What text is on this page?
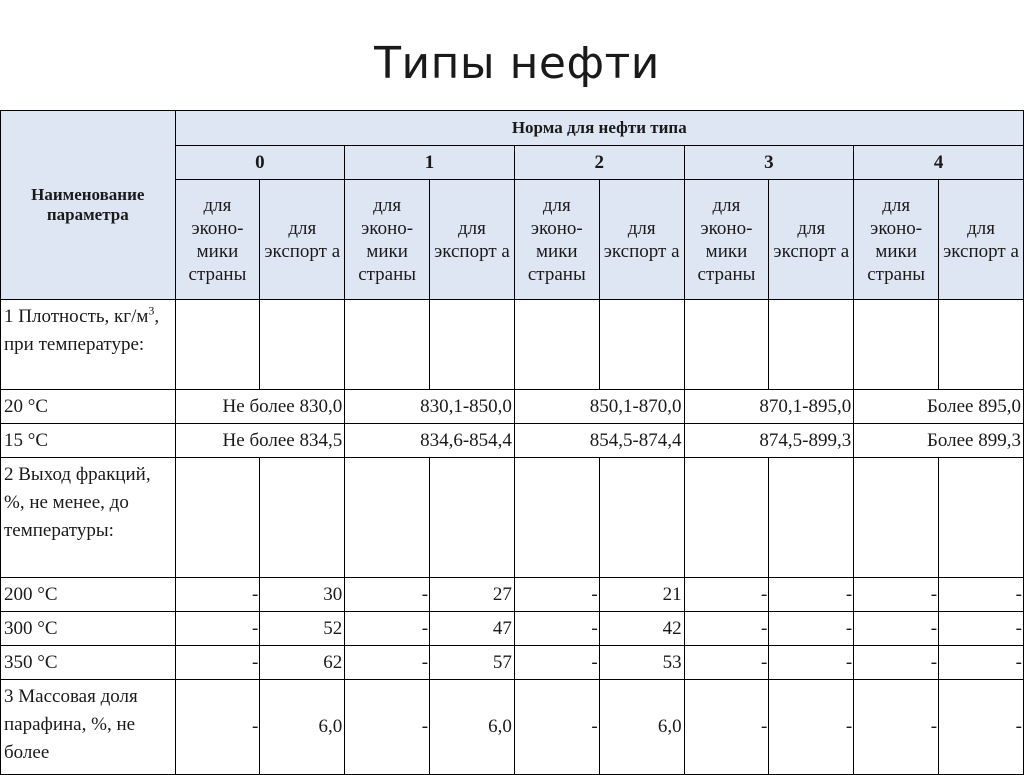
Типы нефти
Наименование параметра	Норма для нефти типа									
	0		1		2		3		4	
	для эконо-мики страны	для экспорт а	для эконо-мики страны	для экспорт а	для эконо-мики страны	для экспорт а	для эконо-мики страны	для экспорт а	для эконо-мики страны	для экспорт а
1 Плотность, $кг/м^3$, при температуре:										
20 °С	Не более 830,0		830,1-850,0		850,1-870,0		870,1-895,0		Более 895,0	
15 °С	Не более 834,5		834,6-854,4		854,5-874,4		874,5-899,3		Более 899,3	
2 Выход фракций, %, не менее, до температуры:										
200 °С	-	30	-	27	-	21	-	-	-	-
300 °С	-	52	-	47	-	42	-	-	-	-
350 °С	-	62	-	57	-	53	-	-	-	-
3 Массовая доля парафина, %, не более	-	6,0	-	6,0	-	6,0	-	-	-	-
